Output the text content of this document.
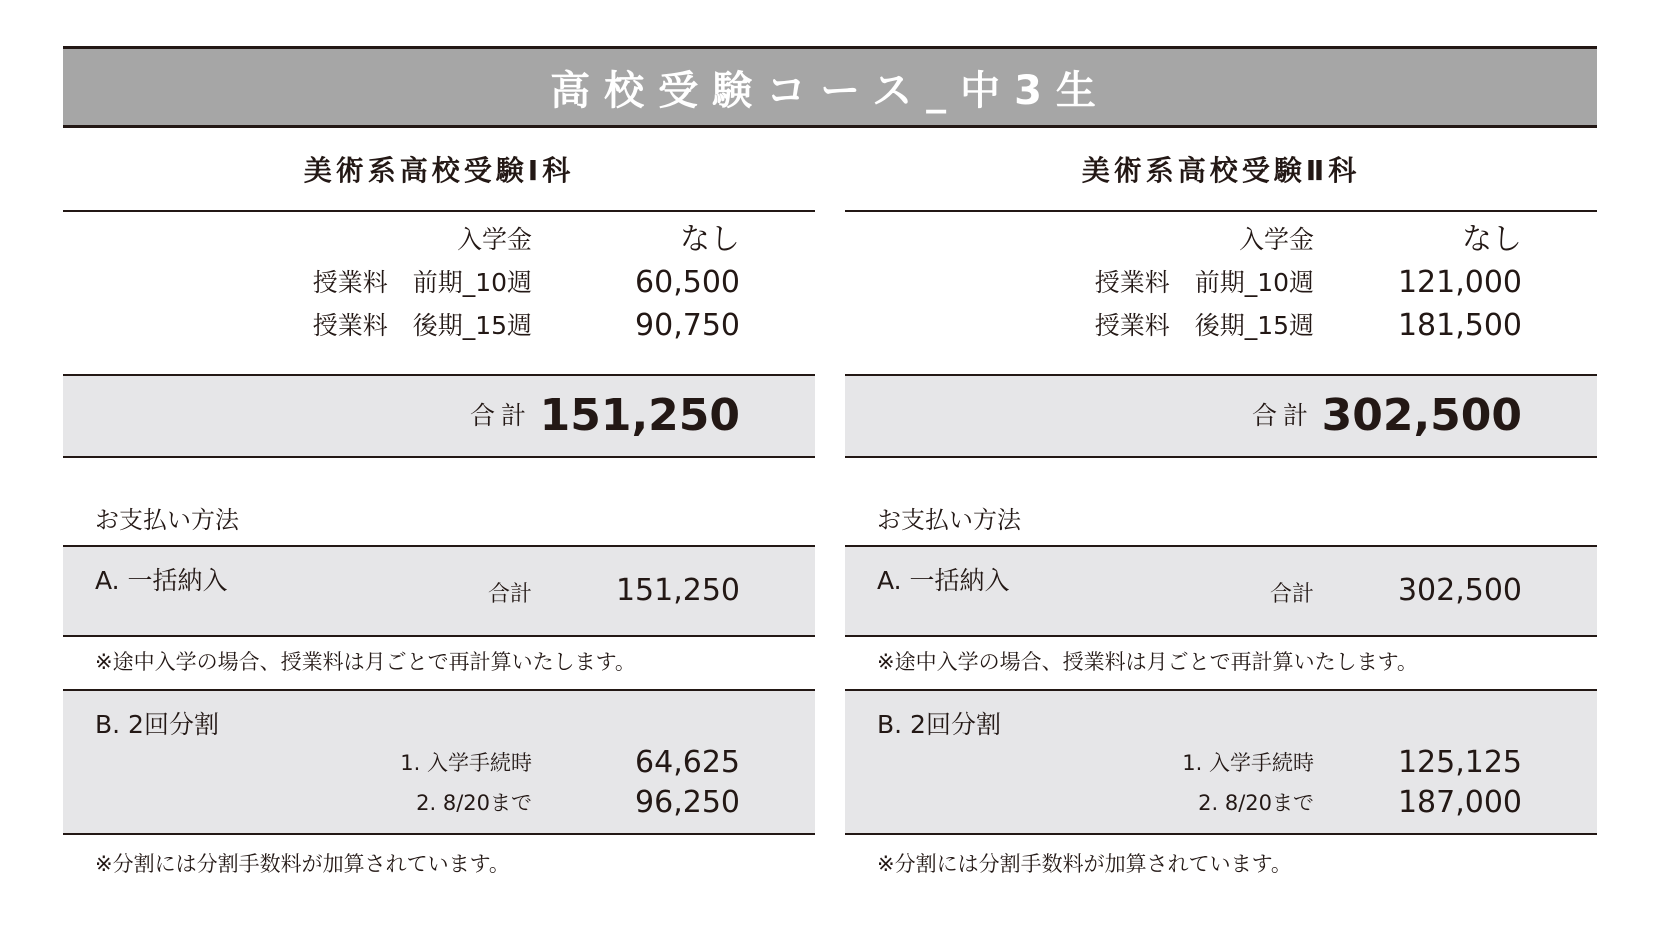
高校受験コース_中3生
美術系高校受験Ⅰ科
入学金	なし
授業料　前期_10週	60,500
授業料　後期_15週	90,750
合計 151,250
お支払い方法
A. 一括納入	合計	151,250
※途中入学の場合、授業料は月ごとで再計算いたします。
B. 2回分割
1. 入学手続時	64,625
2. 8/20まで	96,250
※分割には分割手数料が加算されています。
美術系高校受験Ⅱ科
入学金	なし
授業料　前期_10週	121,000
授業料　後期_15週	181,500
合計 302,500
お支払い方法
A. 一括納入	合計	302,500
※途中入学の場合、授業料は月ごとで再計算いたします。
B. 2回分割
1. 入学手続時	125,125
2. 8/20まで	187,000
※分割には分割手数料が加算されています。
